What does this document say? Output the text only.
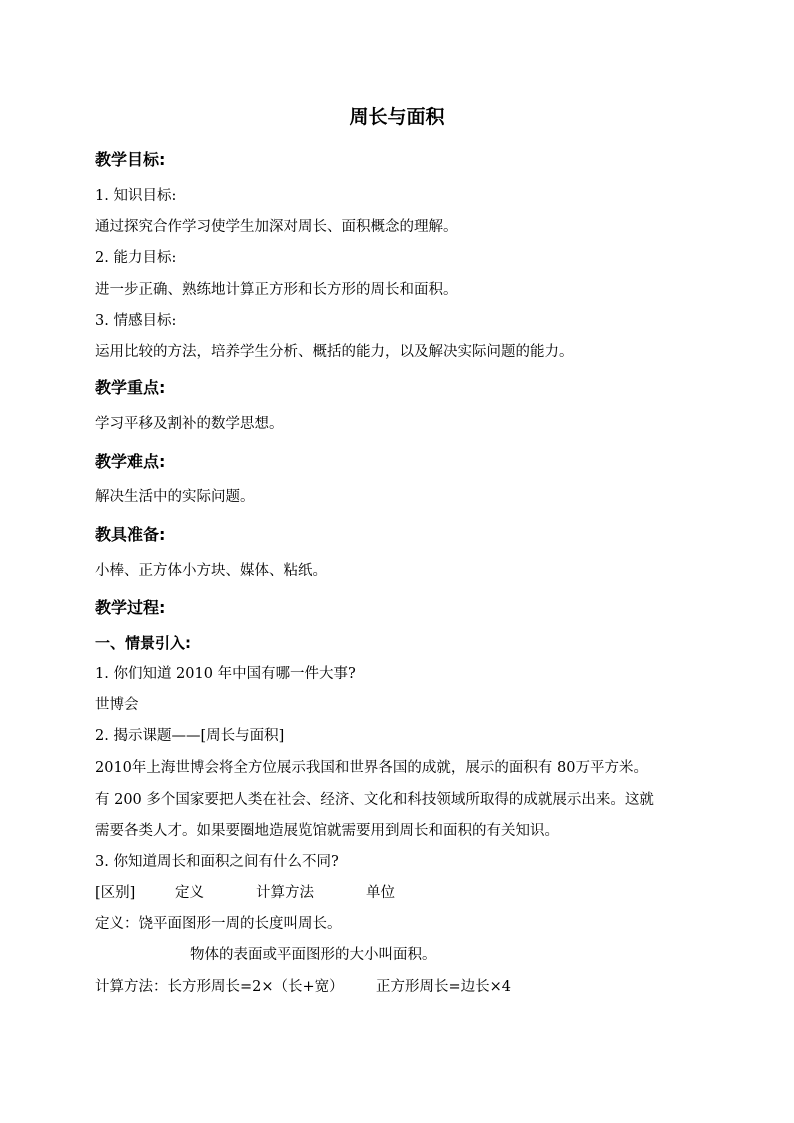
周长与面积
教学目标:
1. 知识目标:
通过探究合作学习使学生加深对周长、面积概念的理解。
2. 能力目标:
进一步正确、熟练地计算正方形和长方形的周长和面积。
3. 情感目标:
运用比较的方法，培养学生分析、概括的能力，以及解决实际问题的能力。
教学重点:
学习平移及割补的数学思想。
教学难点:
解决生活中的实际问题。
教具准备:
小棒、正方体小方块、媒体、粘纸。
教学过程:
一、情景引入:
1. 你们知道 2010 年中国有哪一件大事?
世博会
2. 揭示课题——[周长与面积]
2010年上海世博会将全方位展示我国和世界各国的成就，展示的面积有 80万平方米。
有 200 多个国家要把人类在社会、经济、文化和科技领域所取得的成就展示出来。这就
需要各类人才。如果要圈地造展览馆就需要用到周长和面积的有关知识。
3. 你知道周长和面积之间有什么不同?
[区别]	定义	计算方法	单位
定义：饶平面图形一周的长度叫周长。
物体的表面或平面图形的大小叫面积。
计算方法：长方形周长=2×（长+宽） 正方形周长=边长×4
